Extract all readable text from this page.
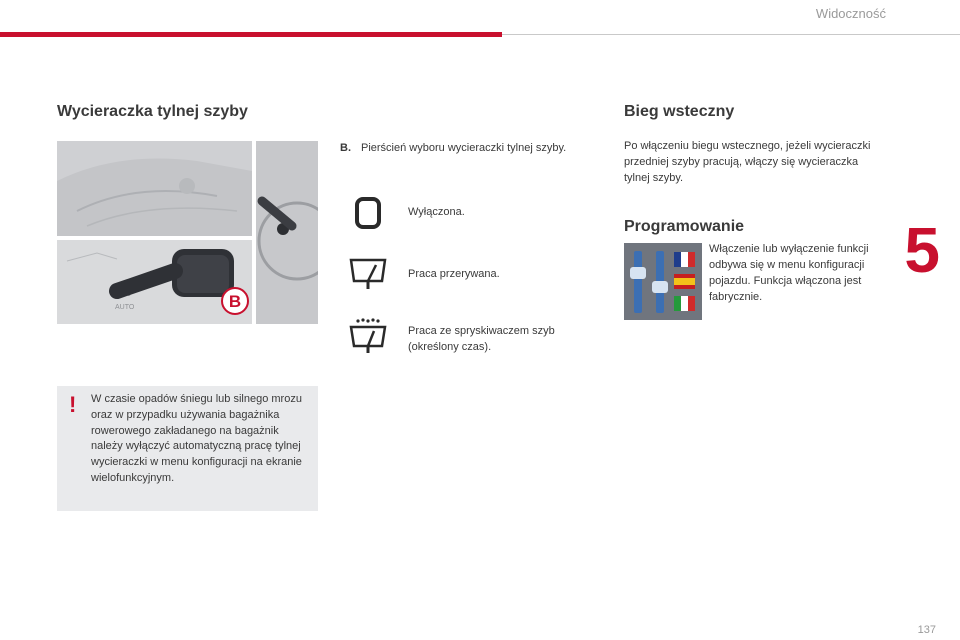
Widoczność
5
137
Wycieraczka tylnej szyby	Bieg wsteczny
Programowanie
AUTO	B
B. Pierścień wyboru wycieraczki tylnej szyby.
Wyłączona.
Praca przerywana.
Praca ze spryskiwaczem szyb (określony czas).
! W czasie opadów śniegu lub silnego mrozu oraz w przypadku używania bagażnika rowerowego zakładanego na bagażnik należy wyłączyć automatyczną pracę tylnej wycieraczki w menu konfiguracji na ekranie wielofunkcyjnym.
Po włączeniu biegu wstecznego, jeżeli wycieraczki przedniej szyby pracują, włączy się wycieraczka tylnej szyby.
Włączenie lub wyłączenie funkcji odbywa się w menu konfiguracji pojazdu. Funkcja włączona jest fabrycznie.
